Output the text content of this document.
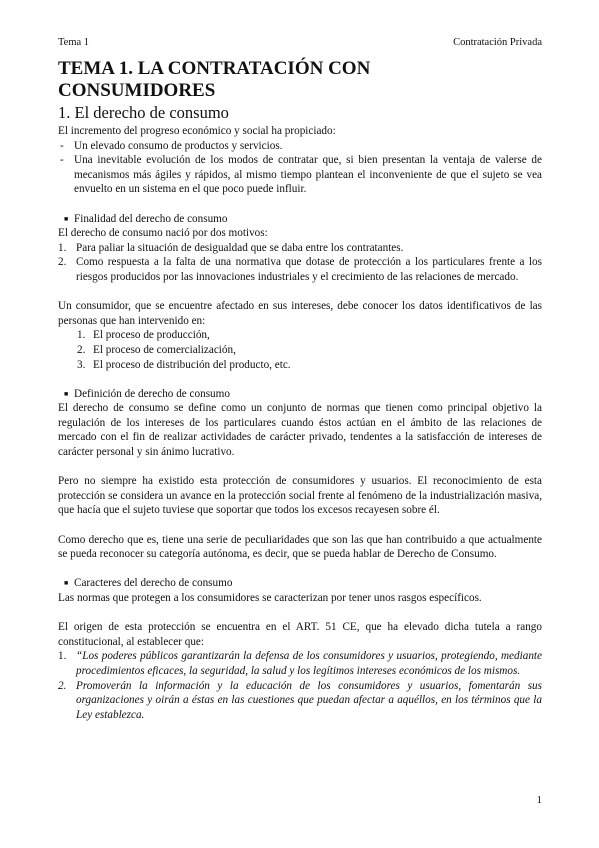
Tema 1	Contratación Privada
TEMA 1. LA CONTRATACIÓN CON CONSUMIDORES
1. El derecho de consumo

El incremento del progreso económico y social ha propiciado:

- Un elevado consumo de productos y servicios.
- Una inevitable evolución de los modos de contratar que, si bien presentan la ventaja de valerse de mecanismos más ágiles y rápidos, al mismo tiempo plantean el inconveniente de que el sujeto se vea envuelto en un sistema en el que poco puede influir.
■ Finalidad del derecho de consumo

El derecho de consumo nació por dos motivos:

1. Para paliar la situación de desigualdad que se daba entre los contratantes.
2. Como respuesta a la falta de una normativa que dotase de protección a los particulares frente a los riesgos producidos por las innovaciones industriales y el crecimiento de las relaciones de mercado.

Un consumidor, que se encuentre afectado en sus intereses, debe conocer los datos identificativos de las personas que han intervenido en:

1. El proceso de producción,
2. El proceso de comercialización,
3. El proceso de distribución del producto, etc.
■ Definición de derecho de consumo

El derecho de consumo se define como un conjunto de normas que tienen como principal objetivo la regulación de los intereses de los particulares cuando éstos actúan en el ámbito de las relaciones de mercado con el fin de realizar actividades de carácter privado, tendentes a la satisfacción de intereses de carácter personal y sin ánimo lucrativo.

Pero no siempre ha existido esta protección de consumidores y usuarios. El reconocimiento de esta protección se considera un avance en la protección social frente al fenómeno de la industrialización masiva, que hacía que el sujeto tuviese que soportar que todos los excesos recayesen sobre él.

Como derecho que es, tiene una serie de peculiaridades que son las que han contribuido a que actualmente se pueda reconocer su categoría autónoma, es decir, que se pueda hablar de Derecho de Consumo.

■ Caracteres del derecho de consumo

Las normas que protegen a los consumidores se caracterizan por tener unos rasgos específicos.

El origen de esta protección se encuentra en el ART. 51 CE, que ha elevado dicha tutela a rango constitucional, al establecer que:

1. “Los poderes públicos garantizarán la defensa de los consumidores y usuarios, protegiendo, mediante procedimientos eficaces, la seguridad, la salud y los legítimos intereses económicos de los mismos.
2. Promoverán la información y la educación de los consumidores y usuarios, fomentarán sus organizaciones y oirán a éstas en las cuestiones que puedan afectar a aquéllos, en los términos que la Ley establezca.
1
